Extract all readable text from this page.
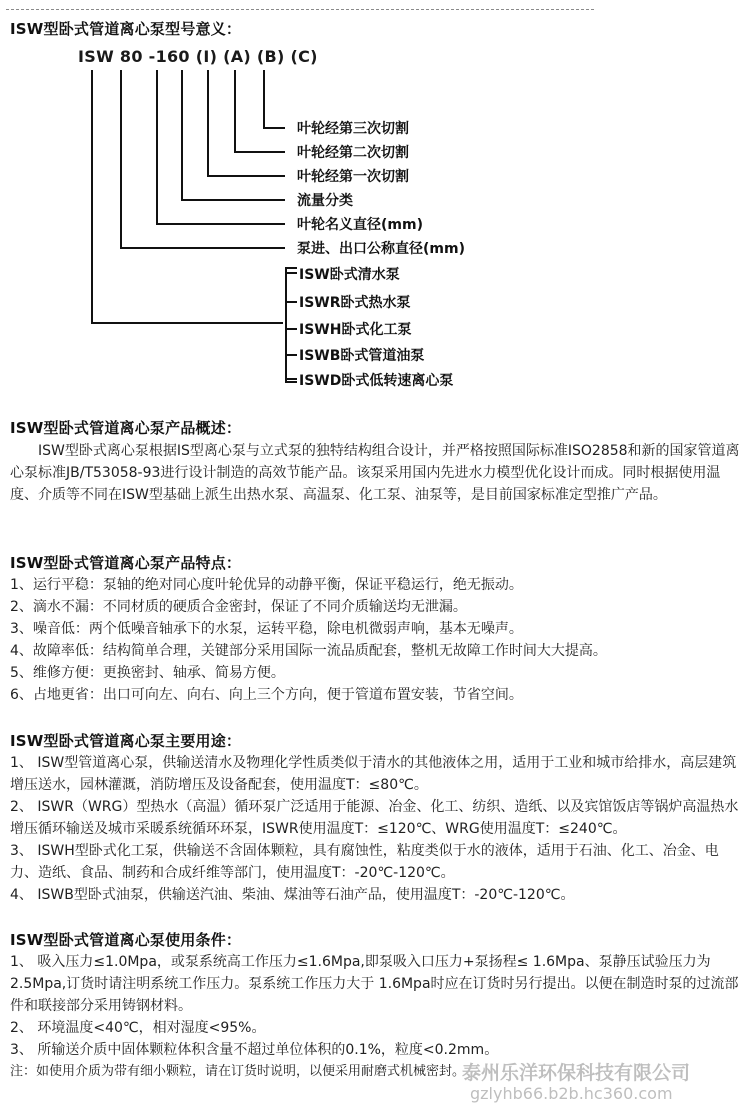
ISW型卧式管道离心泵型号意义：

ISW 80 -160 (I) (A) (B) (C)

叶轮经第三次切割

叶轮经第二次切割

叶轮经第一次切割

流量分类

叶轮名义直径(mm)

泵进、出口公称直径(mm)

ISW卧式清水泵

ISWR卧式热水泵

ISWH卧式化工泵

ISWB卧式管道油泵

ISWD卧式低转速离心泵

ISW型卧式管道离心泵产品概述：

ISW型卧式离心泵根据IS型离心泵与立式泵的独特结构组合设计，并严格按照国际标准ISO2858和新的国家管道离心泵标准JB/T53058-93进行设计制造的高效节能产品。该泵采用国内先进水力模型优化设计而成。同时根据使用温度、介质等不同在ISW型基础上派生出热水泵、高温泵、化工泵、油泵等，是目前国家标准定型推广产品。

ISW型卧式管道离心泵产品特点：

1、运行平稳：泵轴的绝对同心度叶轮优异的动静平衡，保证平稳运行，绝无振动。

2、滴水不漏：不同材质的硬质合金密封，保证了不同介质输送均无泄漏。

3、噪音低：两个低噪音轴承下的水泵，运转平稳，除电机微弱声响，基本无噪声。

4、故障率低：结构简单合理，关键部分采用国际一流品质配套，整机无故障工作时间大大提高。

5、维修方便：更换密封、轴承、简易方便。

6、占地更省：出口可向左、向右、向上三个方向，便于管道布置安装，节省空间。

ISW型卧式管道离心泵主要用途：

1、 ISW型管道离心泵，供输送清水及物理化学性质类似于清水的其他液体之用，适用于工业和城市给排水，高层建筑增压送水，园林灌溉，消防增压及设备配套，使用温度T：≤80℃。

2、 ISWR（WRG）型热水（高温）循环泵广泛适用于能源、冶金、化工、纺织、造纸、以及宾馆饭店等锅炉高温热水增压循环输送及城市采暖系统循环环泵，ISWR使用温度T：≤120℃、WRG使用温度T：≤240℃。

3、 ISWH型卧式化工泵，供输送不含固体颗粒，具有腐蚀性，粘度类似于水的液体，适用于石油、化工、冶金、电力、造纸、食品、制药和合成纤维等部门，使用温度T：-20℃-120℃。

4、 ISWB型卧式油泵，供输送汽油、柴油、煤油等石油产品，使用温度T：-20℃-120℃。

ISW型卧式管道离心泵使用条件：

1、 吸入压力≤1.0Mpa，或泵系统高工作压力≤1.6Mpa,即泵吸入口压力+泵扬程≤ 1.6Mpa、泵静压试验压力为2.5Mpa,订货时请注明系统工作压力。泵系统工作压力大于 1.6Mpa时应在订货时另行提出。以便在制造时泵的过流部件和联接部分采用铸钢材料。

2、 环境温度<40℃，相对湿度<95%。

3、 所输送介质中固体颗粒体积含量不超过单位体积的0.1%，粒度<0.2mm。

注：如使用介质为带有细小颗粒，请在订货时说明，以便采用耐磨式机械密封。

泰州乐洋环保科技有限公司

gzlyhb66.b2b.hc360.com
